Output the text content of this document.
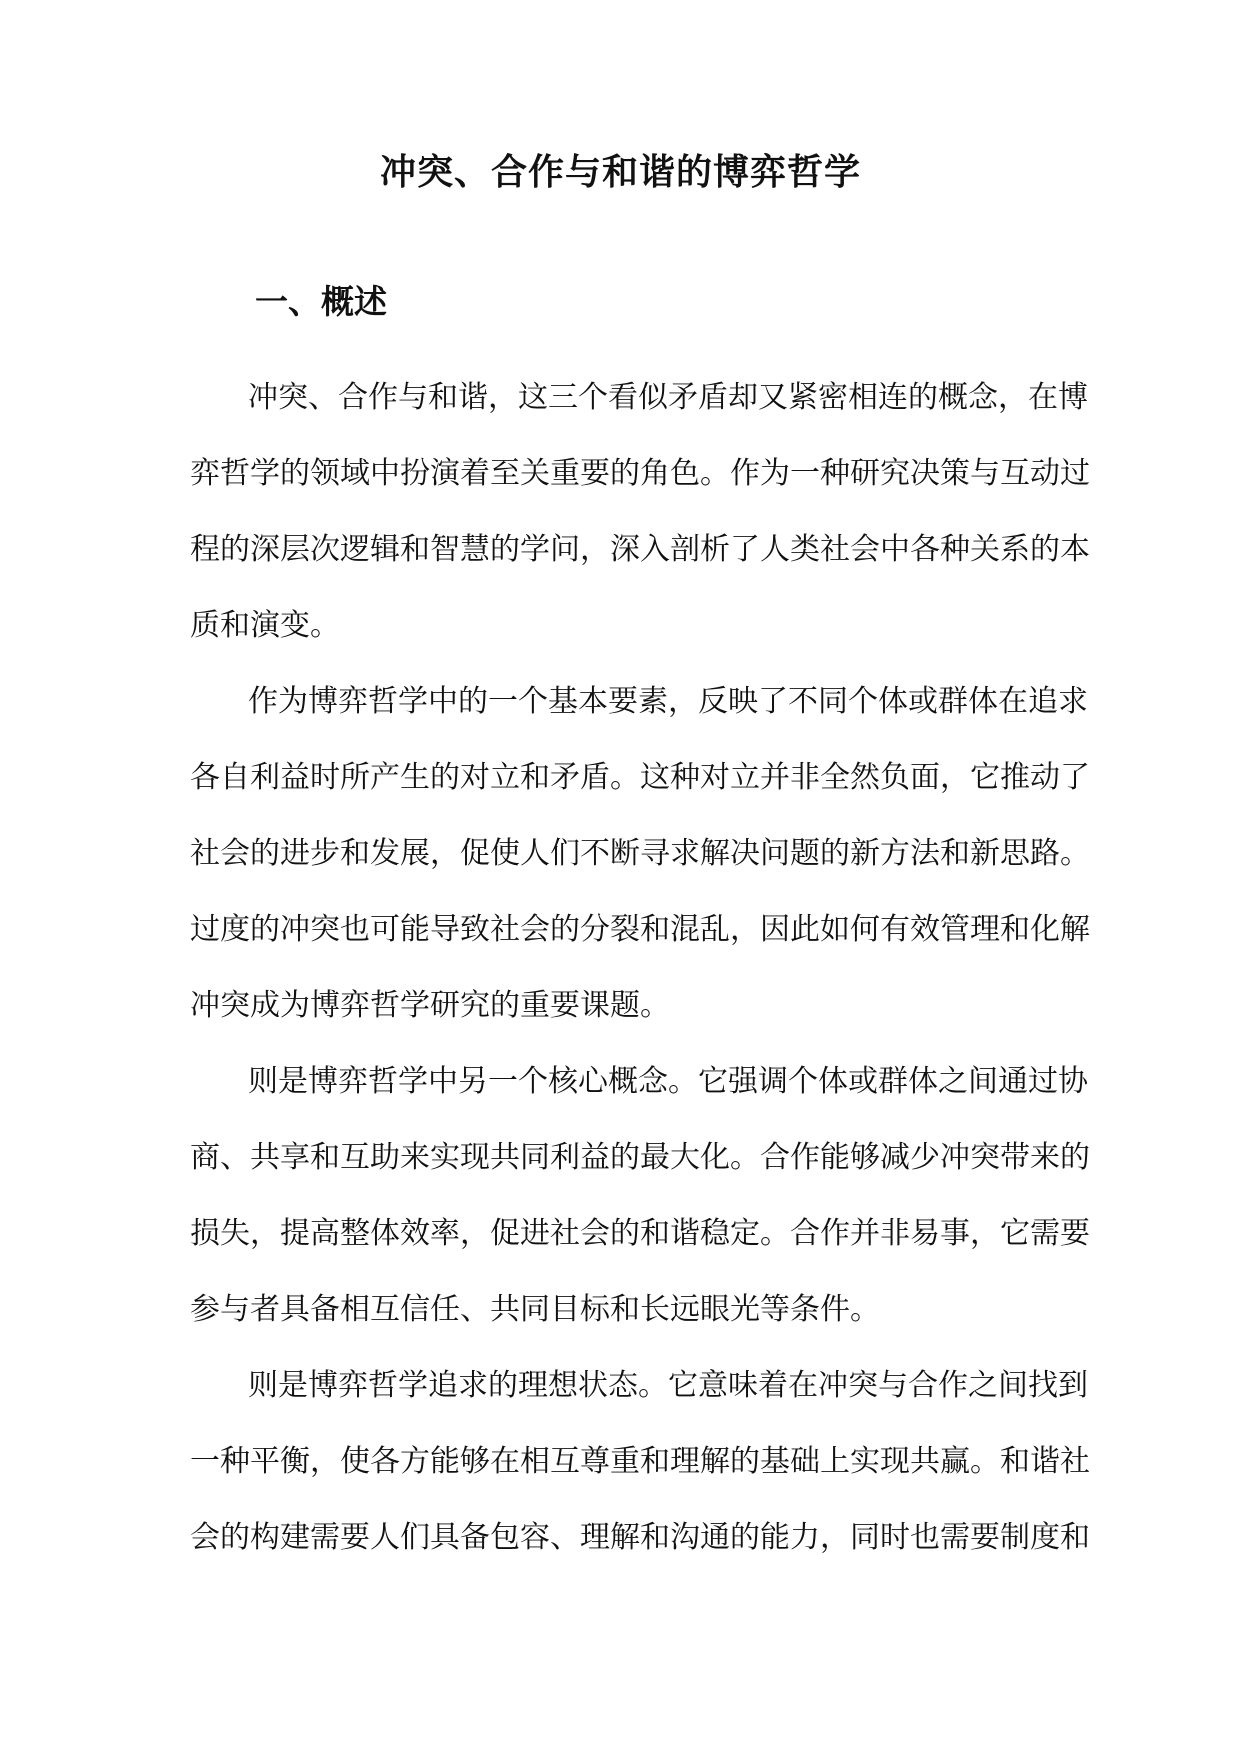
冲突、合作与和谐的博弈哲学
一、概述
冲突、合作与和谐，这三个看似矛盾却又紧密相连的概念，在博
弈哲学的领域中扮演着至关重要的角色。作为一种研究决策与互动过
程的深层次逻辑和智慧的学问，深入剖析了人类社会中各种关系的本
质和演变。
作为博弈哲学中的一个基本要素，反映了不同个体或群体在追求
各自利益时所产生的对立和矛盾。这种对立并非全然负面，它推动了
社会的进步和发展，促使人们不断寻求解决问题的新方法和新思路。
过度的冲突也可能导致社会的分裂和混乱，因此如何有效管理和化解
冲突成为博弈哲学研究的重要课题。
则是博弈哲学中另一个核心概念。它强调个体或群体之间通过协
商、共享和互助来实现共同利益的最大化。合作能够减少冲突带来的
损失，提高整体效率，促进社会的和谐稳定。合作并非易事，它需要
参与者具备相互信任、共同目标和长远眼光等条件。
则是博弈哲学追求的理想状态。它意味着在冲突与合作之间找到
一种平衡，使各方能够在相互尊重和理解的基础上实现共赢。和谐社
会的构建需要人们具备包容、理解和沟通的能力，同时也需要制度和
